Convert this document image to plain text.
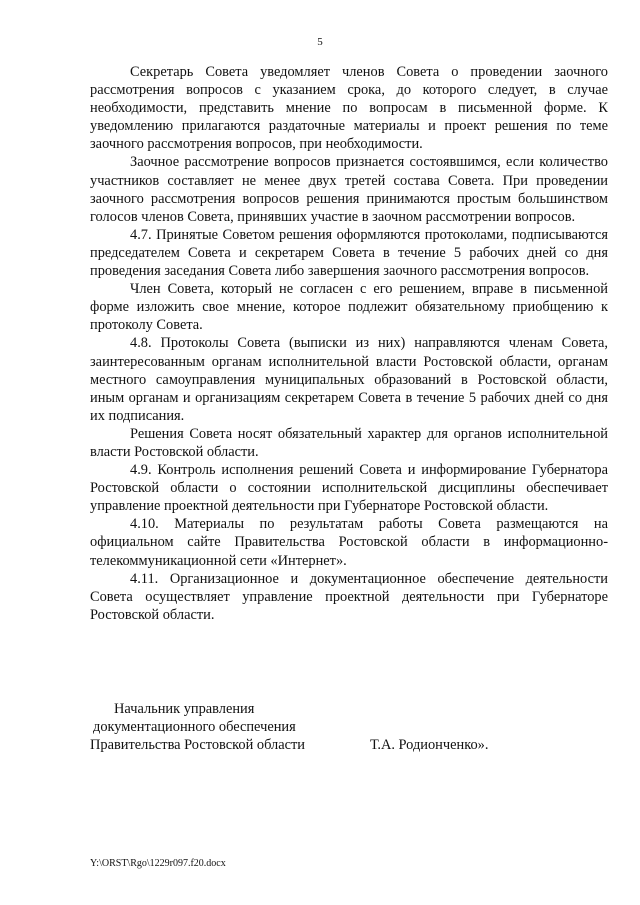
5

Секретарь Совета уведомляет членов Совета о проведении заочного рассмотрения вопросов с указанием срока, до которого следует, в случае необходимости, представить мнение по вопросам в письменной форме. К уведомлению прилагаются раздаточные материалы и проект решения по теме заочного рассмотрения вопросов, при необходимости.

Заочное рассмотрение вопросов признается состоявшимся, если количество участников составляет не менее двух третей состава Совета. При проведении заочного рассмотрения вопросов решения принимаются простым большинством голосов членов Совета, принявших участие в заочном рассмотрении вопросов.

4.7. Принятые Советом решения оформляются протоколами, подписываются председателем Совета и секретарем Совета в течение 5 рабочих дней со дня проведения заседания Совета либо завершения заочного рассмотрения вопросов.

Член Совета, который не согласен с его решением, вправе в письменной форме изложить свое мнение, которое подлежит обязательному приобщению к протоколу Совета.

4.8. Протоколы Совета (выписки из них) направляются членам Совета, заинтересованным органам исполнительной власти Ростовской области, органам местного самоуправления муниципальных образований в Ростовской области, иным органам и организациям секретарем Совета в течение 5 рабочих дней со дня их подписания.

Решения Совета носят обязательный характер для органов исполнительной власти Ростовской области.

4.9. Контроль исполнения решений Совета и информирование Губернатора Ростовской области о состоянии исполнительской дисциплины обеспечивает управление проектной деятельности при Губернаторе Ростовской области.

4.10. Материалы по результатам работы Совета размещаются на официальном сайте Правительства Ростовской области в информационно-телекоммуникационной сети «Интернет».

4.11. Организационное и документационное обеспечение деятельности Совета осуществляет управление проектной деятельности при Губернаторе Ростовской области.

Начальник управления
документационного обеспечения
Правительства Ростовской области	Т.А. Родионченко».
Y:\ORST\Rgo\1229r097.f20.docx
